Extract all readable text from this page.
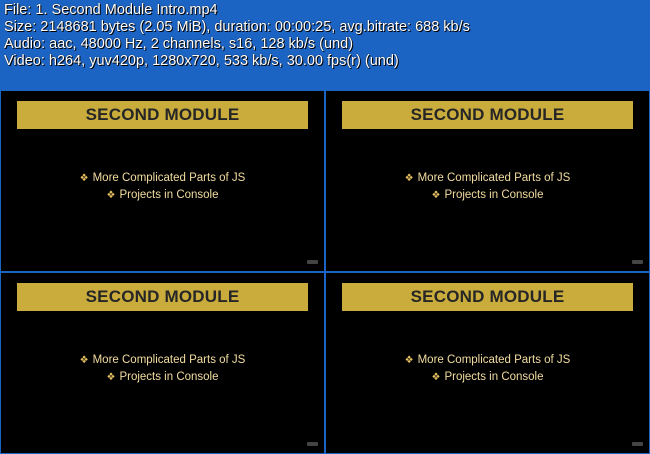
File: 1. Second Module Intro.mp4
Size: 2148681 bytes (2.05 MiB), duration: 00:00:25, avg.bitrate: 688 kb/s
Audio: aac, 48000 Hz, 2 channels, s16, 128 kb/s (und)
Video: h264, yuv420p, 1280x720, 533 kb/s, 30.00 fps(r) (und)
SECOND MODULE
❖ More Complicated Parts of JS
❖ Projects in Console
SECOND MODULE
❖ More Complicated Parts of JS
❖ Projects in Console
SECOND MODULE
❖ More Complicated Parts of JS
❖ Projects in Console
SECOND MODULE
❖ More Complicated Parts of JS
❖ Projects in Console
